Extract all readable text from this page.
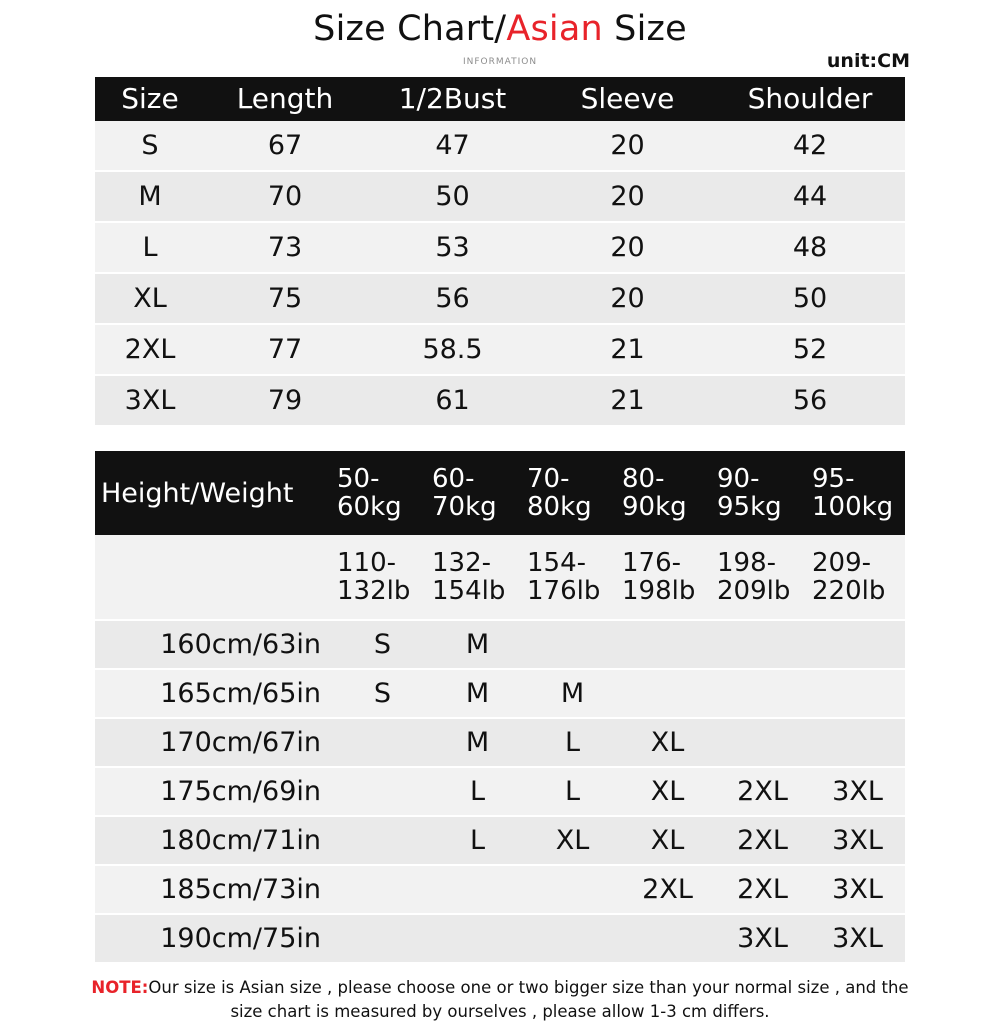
Size Chart/Asian Size
INFORMATION	unit:CM
Size	Length	1/2Bust	Sleeve	Shoulder
S	67	47	20	42
M	70	50	20	44
L	73	53	20	48
XL	75	56	20	50
2XL	77	58.5	21	52
3XL	79	61	21	56
Height/Weight	50-60kg	60-70kg	70-80kg	80-90kg	90-95kg	95-100kg
	110-132lb	132-154lb	154-176lb	176-198lb	198-209lb	209-220lb
160cm/63in	S	M				
165cm/65in	S	M	M			
170cm/67in		M	L	XL		
175cm/69in		L	L	XL	2XL	3XL
180cm/71in		L	XL	XL	2XL	3XL
185cm/73in				2XL	2XL	3XL
190cm/75in					3XL	3XL
NOTE:Our size is Asian size , please choose one or two bigger size than your normal size , and the size chart is measured by ourselves , please allow 1-3 cm differs.
